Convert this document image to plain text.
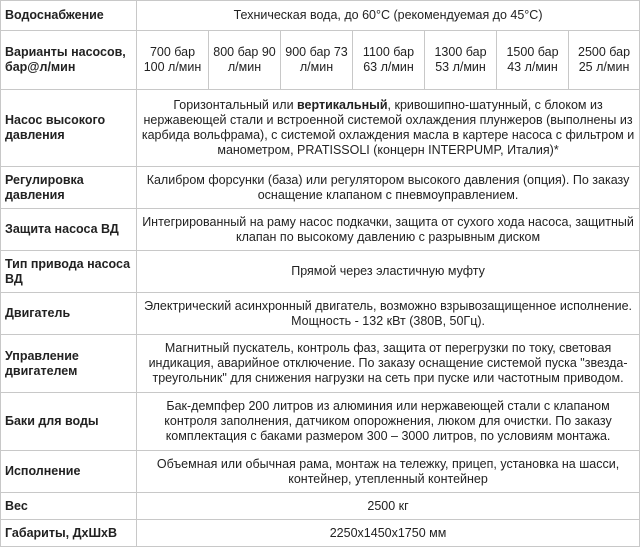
Водоснабжение	Техническая вода, до 60°С (рекомендуемая до 45°С)						
Варианты насосов, бар@л/мин	700 бар 100 л/мин	800 бар 90 л/мин	900 бар 73 л/мин	1100 бар 63 л/мин	1300 бар 53 л/мин	1500 бар 43 л/мин	2500 бар 25 л/мин
Насос высокого давления	Горизонтальный или вертикальный, кривошипно-шатунный, с блоком из нержавеющей стали и встроенной системой охлаждения плунжеров (выполнены из карбида вольфрама), с системой охлаждения масла в картере насоса с фильтром и манометром, PRATISSOLI (концерн INTERPUMP, Италия)*						
Регулировка давления	Калибром форсунки (база) или регулятором высокого давления (опция). По заказу оснащение клапаном с пневмоуправлением.						
Защита насоса ВД	Интегрированный на раму насос подкачки, защита от сухого хода насоса, защитный клапан по высокому давлению с разрывным диском						
Тип привода насоса ВД	Прямой через эластичную муфту						
Двигатель	Электрический асинхронный двигатель, возможно взрывозащищенное исполнение. Мощность - 132 кВт (380В, 50Гц).						
Управление двигателем	Магнитный пускатель, контроль фаз, защита от перегрузки по току, световая индикация, аварийное отключение. По заказу оснащение системой пуска "звезда-треугольник" для снижения нагрузки на сеть при пуске или частотным приводом.						
Баки для воды	Бак-демпфер 200 литров из алюминия или нержавеющей стали с клапаном контроля заполнения, датчиком опорожнения, люком для очистки. По заказу комплектация с баками размером 300 – 3000 литров, по условиям монтажа.						
Исполнение	Объемная или обычная рама, монтаж на тележку, прицеп, установка на шасси, контейнер, утепленный контейнер						
Вес	2500 кг						
Габариты, ДхШхВ	2250х1450х1750 мм						
